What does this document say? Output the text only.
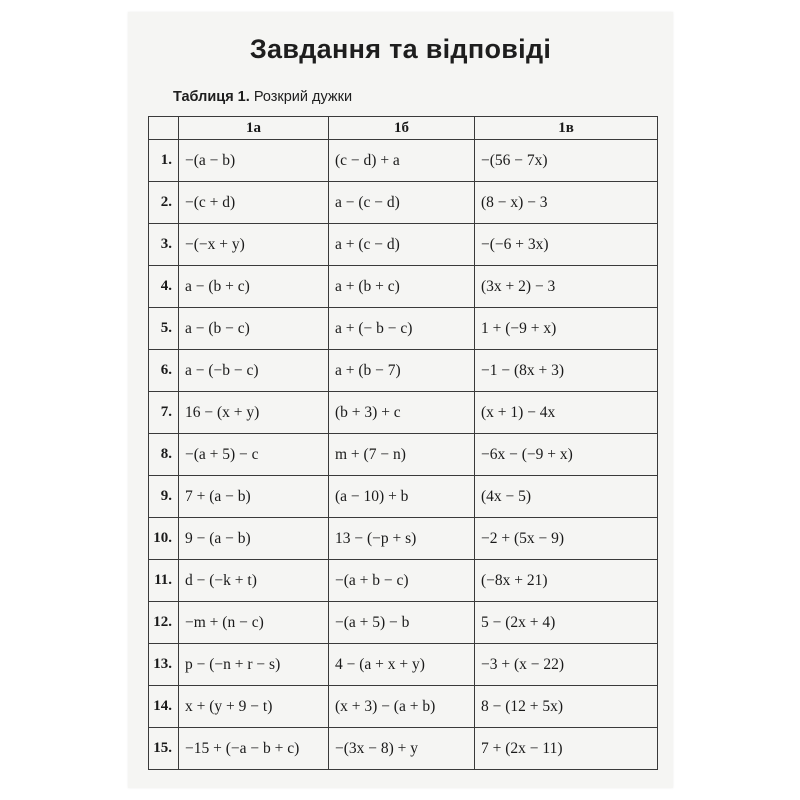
Завдання та відповіді
Таблиця 1. Розкрий дужки
	1а	1б	1в
1.	−(a − b)	(c − d) + a	−(56 − 7x)
2.	−(c + d)	a − (c − d)	(8 − x) − 3
3.	−(−x + y)	a + (c − d)	−(−6 + 3x)
4.	a − (b + c)	a + (b + c)	(3x + 2) − 3
5.	a − (b − c)	a + (− b − c)	1 + (−9 + x)
6.	a − (−b − c)	a + (b − 7)	−1 − (8x + 3)
7.	16 − (x + y)	(b + 3) + c	(x + 1) − 4x
8.	−(a + 5) − c	m + (7 − n)	−6x − (−9 + x)
9.	7 + (a − b)	(a − 10) + b	(4x − 5)
10.	9 − (a − b)	13 − (−p + s)	−2 + (5x − 9)
11.	d − (−k + t)	−(a + b − c)	(−8x + 21)
12.	−m + (n − c)	−(a + 5) − b	5 − (2x + 4)
13.	p − (−n + r − s)	4 − (a + x + y)	−3 + (x − 22)
14.	x + (y + 9 − t)	(x + 3) − (a + b)	8 − (12 + 5x)
15.	−15 + (−a − b + c)	−(3x − 8) + y	7 + (2x − 11)
